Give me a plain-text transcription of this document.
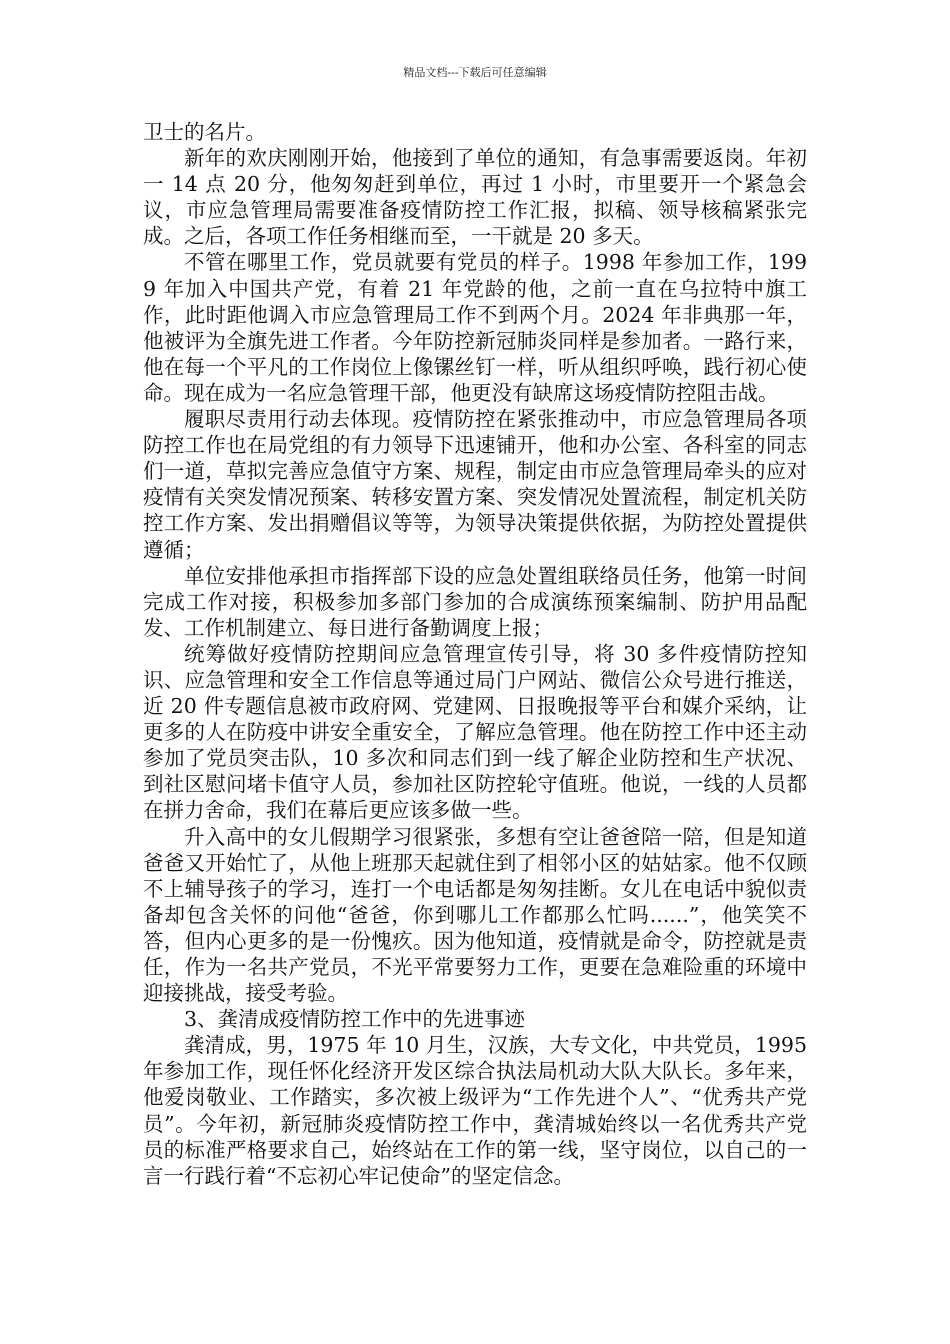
精品文档---下载后可任意编辑

卫士的名片。

新年的欢庆刚刚开始，他接到了单位的通知，有急事需要返岗。年初一 14 点 20 分，他匆匆赶到单位，再过 1 小时，市里要开一个紧急会议，市应急管理局需要准备疫情防控工作汇报，拟稿、领导核稿紧张完成。之后，各项工作任务相继而至，一干就是 20 多天。

不管在哪里工作，党员就要有党员的样子。1998 年参加工作，1999 年加入中国共产党，有着 21 年党龄的他，之前一直在乌拉特中旗工作，此时距他调入市应急管理局工作不到两个月。2024 年非典那一年，他被评为全旗先进工作者。今年防控新冠肺炎同样是参加者。一路行来，他在每一个平凡的工作岗位上像镙丝钉一样，听从组织呼唤，践行初心使命。现在成为一名应急管理干部，他更没有缺席这场疫情防控阻击战。

履职尽责用行动去体现。疫情防控在紧张推动中，市应急管理局各项防控工作也在局党组的有力领导下迅速铺开，他和办公室、各科室的同志们一道，草拟完善应急值守方案、规程，制定由市应急管理局牵头的应对疫情有关突发情况预案、转移安置方案、突发情况处置流程，制定机关防控工作方案、发出捐赠倡议等等，为领导决策提供依据，为防控处置提供遵循；

单位安排他承担市指挥部下设的应急处置组联络员任务，他第一时间完成工作对接，积极参加多部门参加的合成演练预案编制、防护用品配发、工作机制建立、每日进行备勤调度上报；

统筹做好疫情防控期间应急管理宣传引导，将 30 多件疫情防控知识、应急管理和安全工作信息等通过局门户网站、微信公众号进行推送，近 20 件专题信息被市政府网、党建网、日报晚报等平台和媒介采纳，让更多的人在防疫中讲安全重安全，了解应急管理。他在防控工作中还主动参加了党员突击队，10 多次和同志们到一线了解企业防控和生产状况、到社区慰问堵卡值守人员，参加社区防控轮守值班。他说，一线的人员都在拼力舍命，我们在幕后更应该多做一些。

升入高中的女儿假期学习很紧张，多想有空让爸爸陪一陪，但是知道爸爸又开始忙了，从他上班那天起就住到了相邻小区的姑姑家。他不仅顾不上辅导孩子的学习，连打一个电话都是匆匆挂断。女儿在电话中貌似责备却包含关怀的问他“爸爸，你到哪儿工作都那么忙吗......”，他笑笑不答，但内心更多的是一份愧疚。因为他知道，疫情就是命令，防控就是责任，作为一名共产党员，不光平常要努力工作，更要在急难险重的环境中迎接挑战，接受考验。

3、龚清成疫情防控工作中的先进事迹

龚清成，男，1975 年 10 月生，汉族，大专文化，中共党员，1995 年参加工作，现任怀化经济开发区综合执法局机动大队大队长。多年来，他爱岗敬业、工作踏实，多次被上级评为“工作先进个人”、“优秀共产党员”。今年初，新冠肺炎疫情防控工作中，龚清城始终以一名优秀共产党员的标准严格要求自己，始终站在工作的第一线，坚守岗位，以自己的一言一行践行着“不忘初心牢记使命”的坚定信念。
